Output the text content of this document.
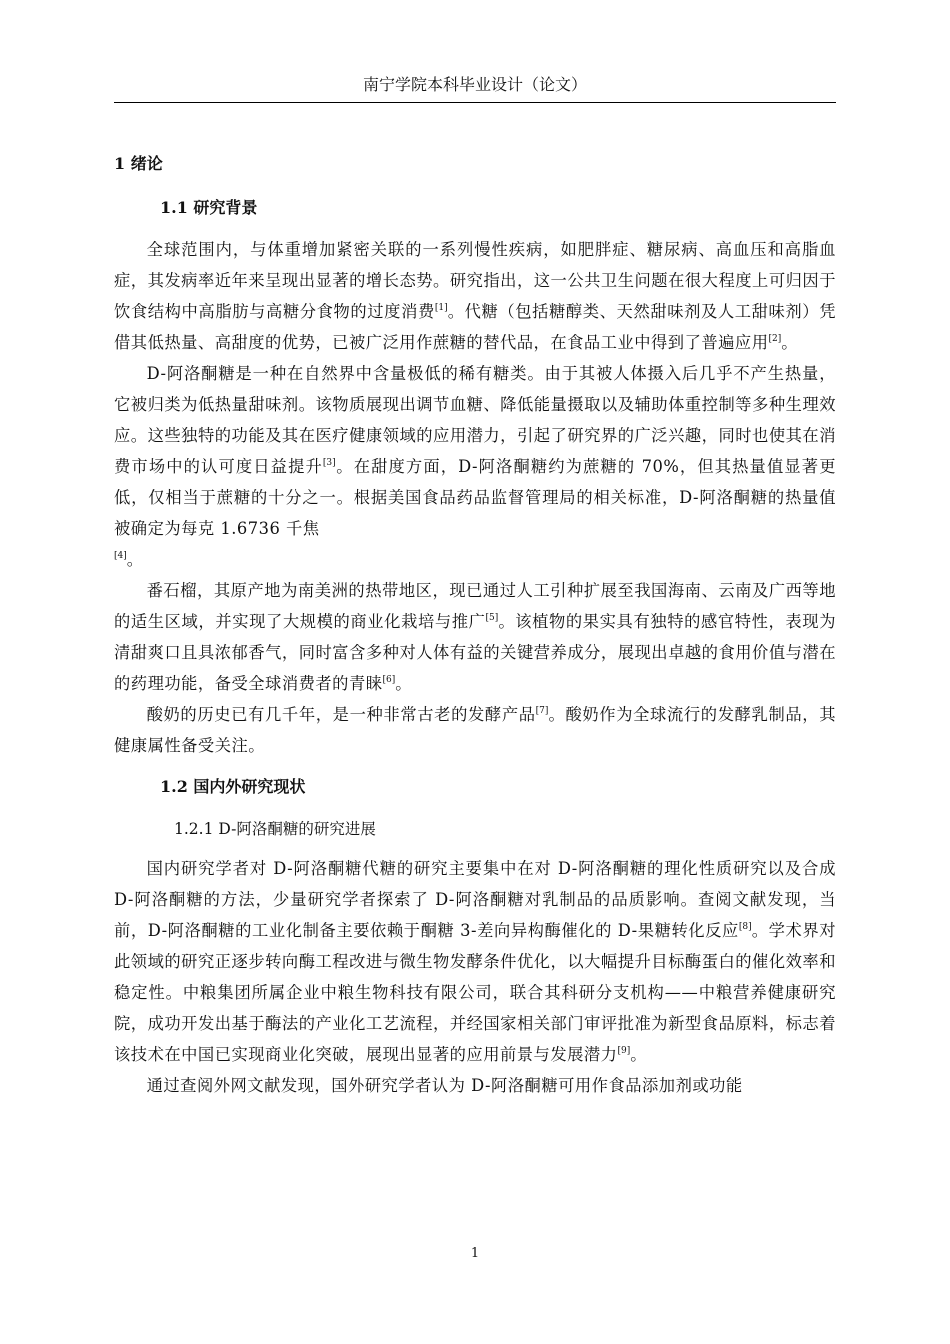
南宁学院本科毕业设计（论文）
1 绪论
1.1 研究背景

全球范围内，与体重增加紧密关联的一系列慢性疾病，如肥胖症、糖尿病、高血压和高脂血症，其发病率近年来呈现出显著的增长态势。研究指出，这一公共卫生问题在很大程度上可归因于饮食结构中高脂肪与高糖分食物的过度消费[1]。代糖（包括糖醇类、天然甜味剂及人工甜味剂）凭借其低热量、高甜度的优势，已被广泛用作蔗糖的替代品，在食品工业中得到了普遍应用[2]。

D-阿洛酮糖是一种在自然界中含量极低的稀有糖类。由于其被人体摄入后几乎不产生热量，它被归类为低热量甜味剂。该物质展现出调节血糖、降低能量摄取以及辅助体重控制等多种生理效应。这些独特的功能及其在医疗健康领域的应用潜力，引起了研究界的广泛兴趣，同时也使其在消费市场中的认可度日益提升[3]。在甜度方面，D-阿洛酮糖约为蔗糖的 70%，但其热量值显著更低，仅相当于蔗糖的十分之一。根据美国食品药品监督管理局的相关标准，D-阿洛酮糖的热量值被确定为每克 1.6736 千焦
[4]。

番石榴，其原产地为南美洲的热带地区，现已通过人工引种扩展至我国海南、云南及广西等地的适生区域，并实现了大规模的商业化栽培与推广[5]。该植物的果实具有独特的感官特性，表现为清甜爽口且具浓郁香气，同时富含多种对人体有益的关键营养成分，展现出卓越的食用价值与潜在的药理功能，备受全球消费者的青睐[6]。

酸奶的历史已有几千年，是一种非常古老的发酵产品[7]。酸奶作为全球流行的发酵乳制品，其健康属性备受关注。

1.2 国内外研究现状
1.2.1 D-阿洛酮糖的研究进展

国内研究学者对 D-阿洛酮糖代糖的研究主要集中在对 D-阿洛酮糖的理化性质研究以及合成 D-阿洛酮糖的方法，少量研究学者探索了 D-阿洛酮糖对乳制品的品质影响。查阅文献发现，当前，D-阿洛酮糖的工业化制备主要依赖于酮糖 3-差向异构酶催化的 D-果糖转化反应[8]。学术界对此领域的研究正逐步转向酶工程改进与微生物发酵条件优化，以大幅提升目标酶蛋白的催化效率和稳定性。中粮集团所属企业中粮生物科技有限公司，联合其科研分支机构——中粮营养健康研究院，成功开发出基于酶法的产业化工艺流程，并经国家相关部门审评批准为新型食品原料，标志着该技术在中国已实现商业化突破，展现出显著的应用前景与发展潜力[9]。

通过查阅外网文献发现，国外研究学者认为 D-阿洛酮糖可用作食品添加剂或功能

1
